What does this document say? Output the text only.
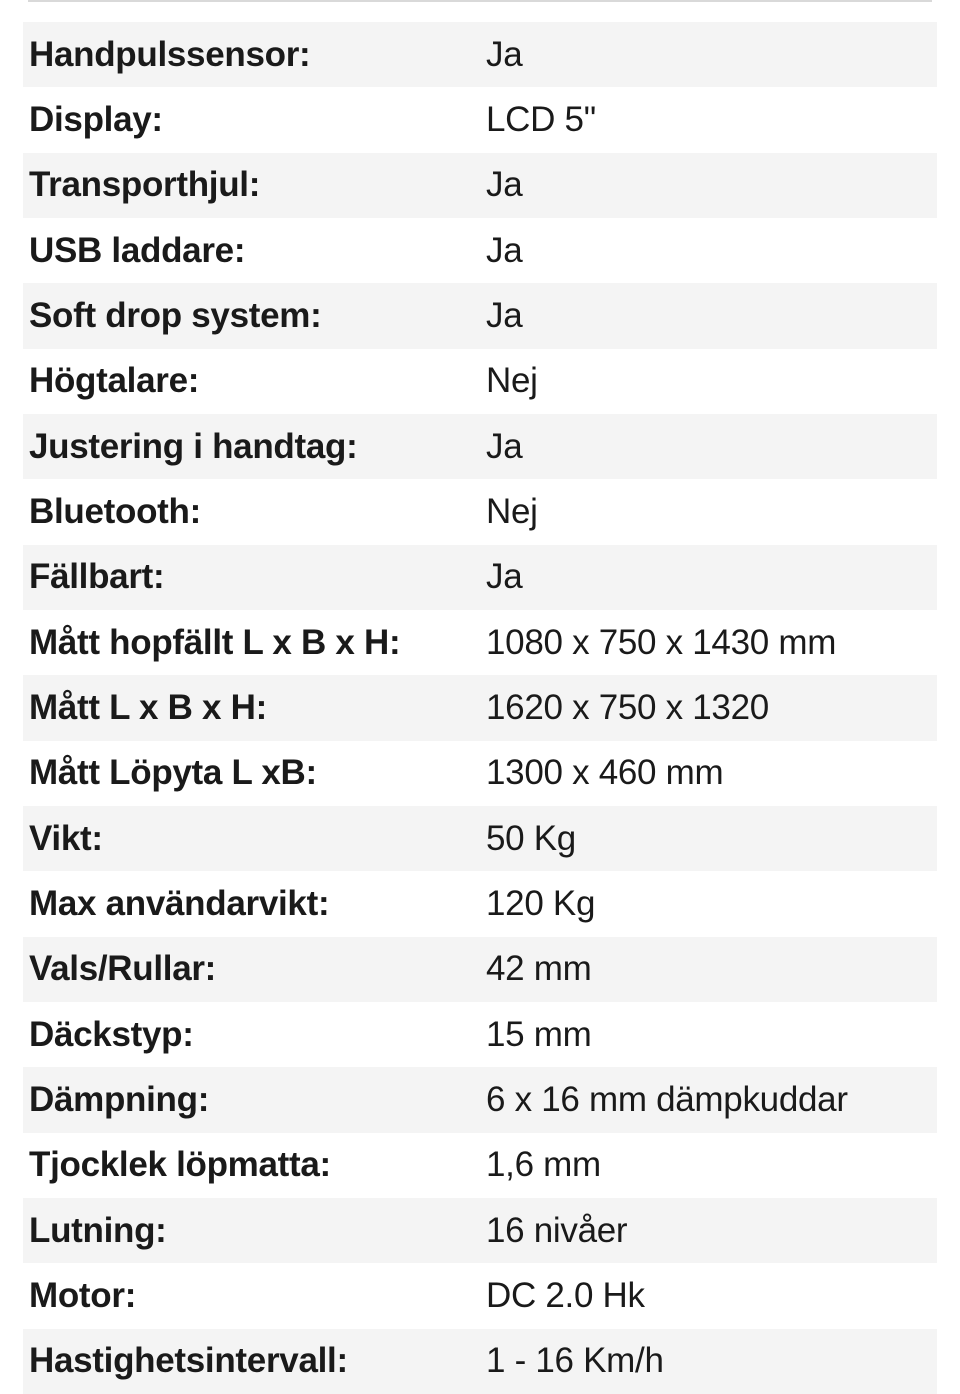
Handpulssensor:	Ja
Display:	LCD 5"
Transporthjul:	Ja
USB laddare:	Ja
Soft drop system:	Ja
Högtalare:	Nej
Justering i handtag:	Ja
Bluetooth:	Nej
Fällbart:	Ja
Mått hopfällt L x B x H:	1080 x 750 x 1430 mm
Mått L x B x H:	1620 x 750 x 1320
Mått Löpyta L xB:	1300 x 460 mm
Vikt:	50 Kg
Max användarvikt:	120 Kg
Vals/Rullar:	42 mm
Däckstyp:	15 mm
Dämpning:	6 x 16 mm dämpkuddar
Tjocklek löpmatta:	1,6 mm
Lutning:	16 nivåer
Motor:	DC 2.0 Hk
Hastighetsintervall:	1 - 16 Km/h
